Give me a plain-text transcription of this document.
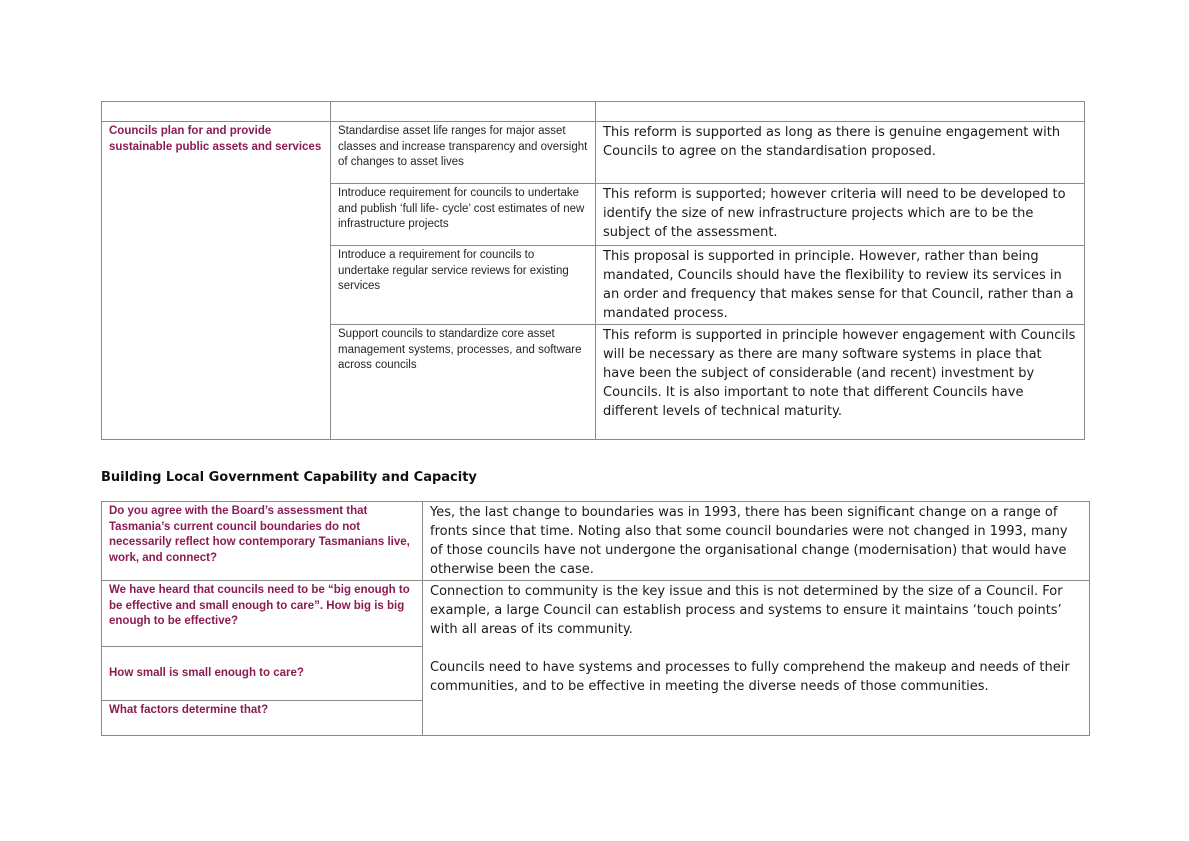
Councils plan for and provide sustainable public assets and services	Standardise asset life ranges for major asset classes and increase transparency and oversight of changes to asset lives	This reform is supported as long as there is genuine engagement with Councils to agree on the standardisation proposed.
	Introduce requirement for councils to undertake and publish ‘full life- cycle’ cost estimates of new infrastructure projects	This reform is supported; however criteria will need to be developed to identify the size of new infrastructure projects which are to be the subject of the assessment.
	Introduce a requirement for councils to undertake regular service reviews for existing services	This proposal is supported in principle. However, rather than being mandated, Councils should have the flexibility to review its services in an order and frequency that makes sense for that Council, rather than a mandated process.
	Support councils to standardize core asset management systems, processes, and software across councils	This reform is supported in principle however engagement with Councils will be necessary as there are many software systems in place that have been the subject of considerable (and recent) investment by Councils. It is also important to note that different Councils have different levels of technical maturity.
Building Local Government Capability and Capacity
Do you agree with the Board’s assessment that Tasmania’s current council boundaries do not necessarily reflect how contemporary Tasmanians live, work, and connect?	Yes, the last change to boundaries was in 1993, there has been significant change on a range of fronts since that time. Noting also that some council boundaries were not changed in 1993, many of those councils have not undergone the organisational change (modernisation) that would have otherwise been the case.

We have heard that councils need to be “big enough to be effective and small enough to care”. How big is big enough to be effective?	Connection to community is the key issue and this is not determined by the size of a Council. For example, a large Council can establish process and systems to ensure it maintains ‘touch points’ with all areas of its community.

Councils need to have systems and processes to fully comprehend the makeup and needs of their communities, and to be effective in meeting the diverse needs of those communities.

How small is small enough to care?	
What factors determine that?	
